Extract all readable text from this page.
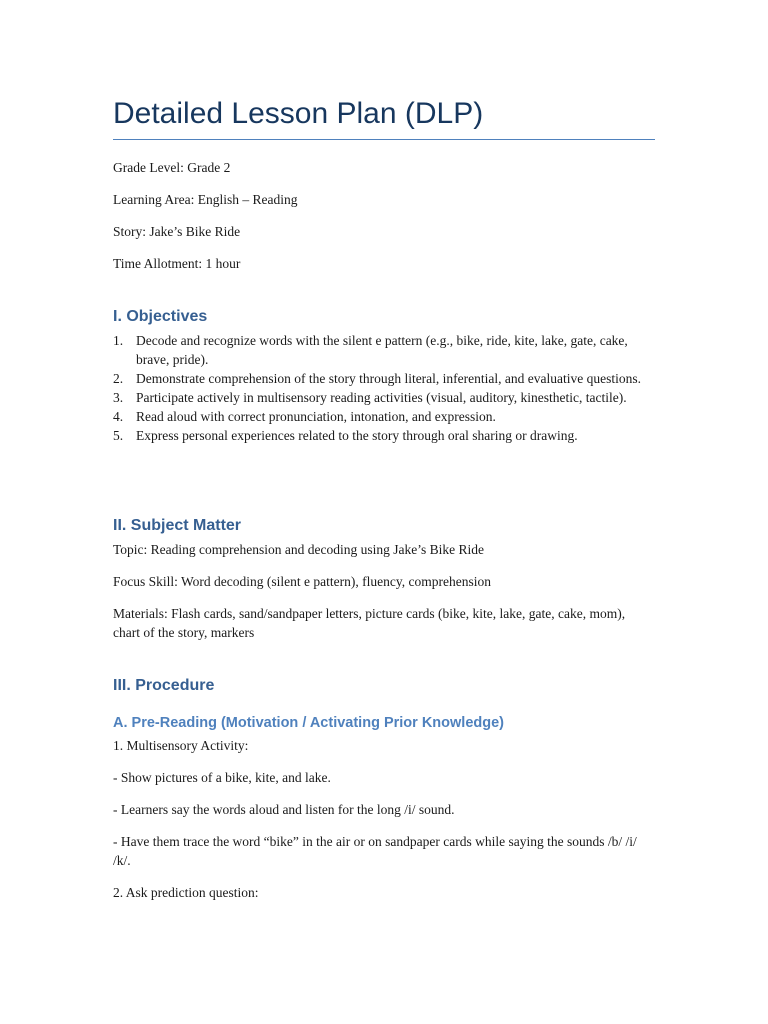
Detailed Lesson Plan (DLP)

Grade Level: Grade 2

Learning Area: English – Reading

Story: Jake’s Bike Ride

Time Allotment: 1 hour

I. Objectives
1. Decode and recognize words with the silent e pattern (e.g., bike, ride, kite, lake, gate, cake, brave, pride).
2. Demonstrate comprehension of the story through literal, inferential, and evaluative questions.
3. Participate actively in multisensory reading activities (visual, auditory, kinesthetic, tactile).
4. Read aloud with correct pronunciation, intonation, and expression.
5. Express personal experiences related to the story through oral sharing or drawing.
II. Subject Matter

Topic: Reading comprehension and decoding using Jake’s Bike Ride

Focus Skill: Word decoding (silent e pattern), fluency, comprehension

Materials: Flash cards, sand/sandpaper letters, picture cards (bike, kite, lake, gate, cake, mom), chart of the story, markers

III. Procedure
A. Pre-Reading (Motivation / Activating Prior Knowledge)

1. Multisensory Activity:

- Show pictures of a bike, kite, and lake.

- Learners say the words aloud and listen for the long /i/ sound.

- Have them trace the word “bike” in the air or on sandpaper cards while saying the sounds /b/ /i/ /k/.

2. Ask prediction question:
